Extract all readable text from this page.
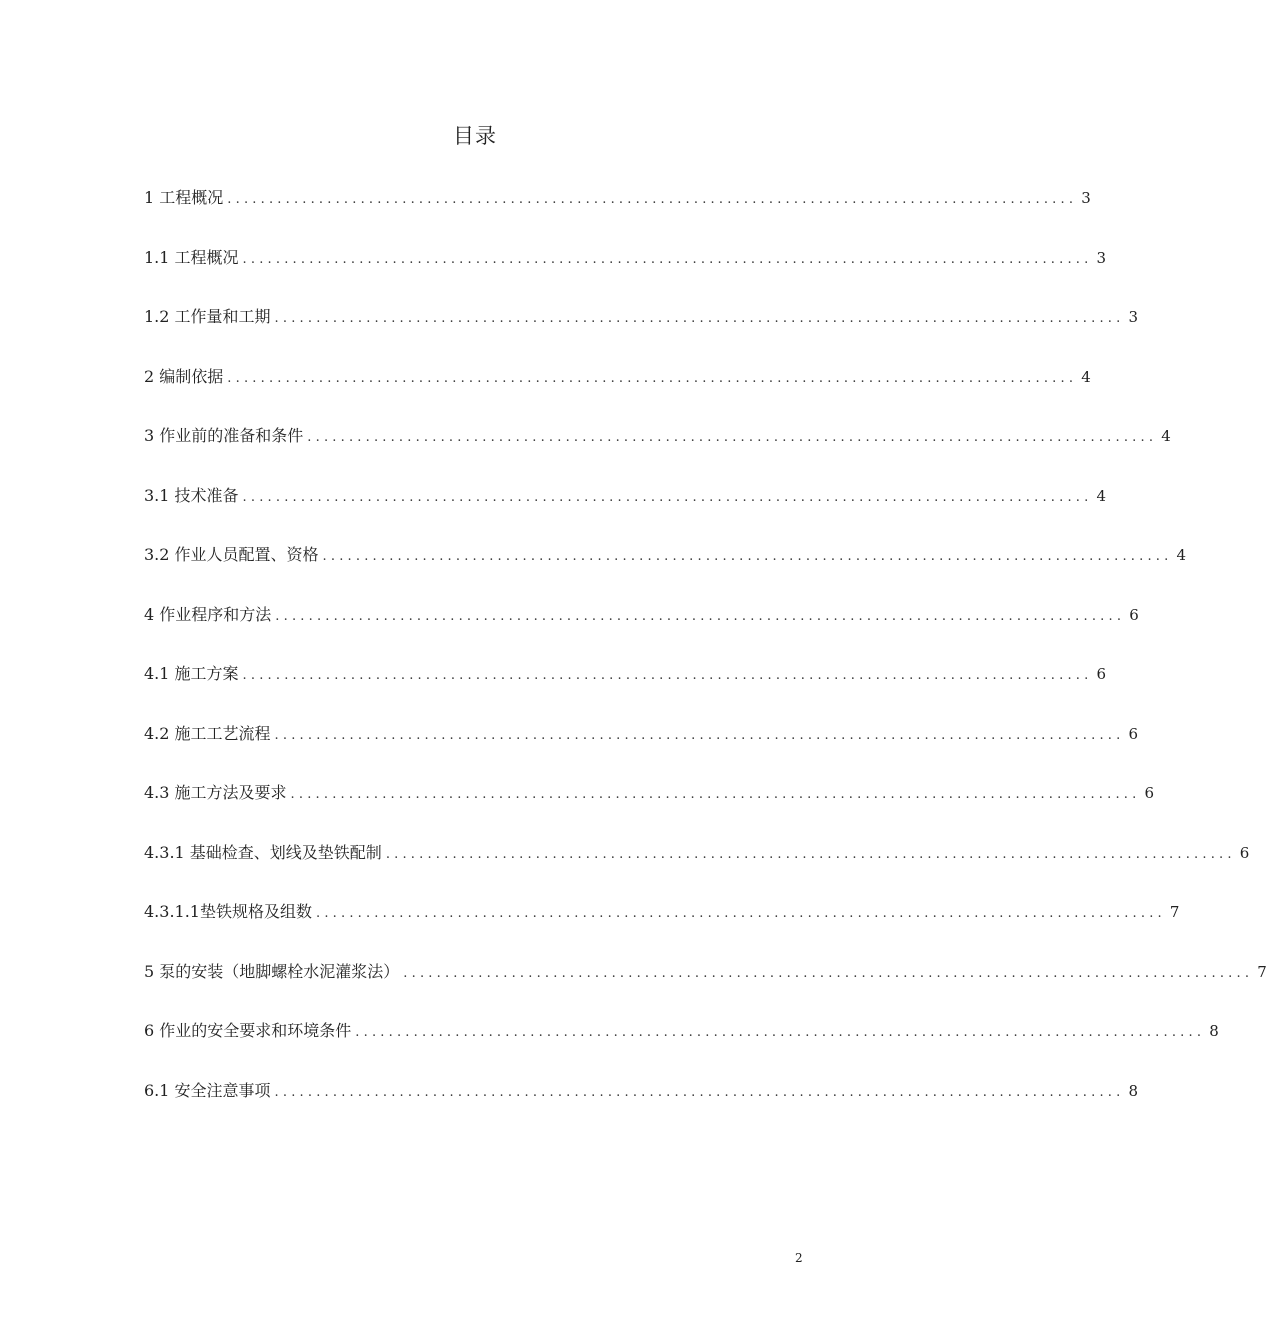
目录
1 工程概况 ...................................................................................................... 3
1.1 工程概况 ...................................................................................................... 3
1.2 工作量和工期 ...................................................................................................... 3
2 编制依据 ...................................................................................................... 4
3 作业前的准备和条件 ...................................................................................................... 4
3.1 技术准备 ...................................................................................................... 4
3.2 作业人员配置、资格 ...................................................................................................... 4
4 作业程序和方法 ...................................................................................................... 6
4.1 施工方案 ...................................................................................................... 6
4.2 施工工艺流程 ...................................................................................................... 6
4.3 施工方法及要求 ...................................................................................................... 6
4.3.1 基础检查、划线及垫铁配制 ...................................................................................................... 6
4.3.1.1垫铁规格及组数 ...................................................................................................... 7
5 泵的安装（地脚螺栓水泥灌浆法） ...................................................................................................... 7
6 作业的安全要求和环境条件 ...................................................................................................... 8
6.1 安全注意事项 ...................................................................................................... 8
2
